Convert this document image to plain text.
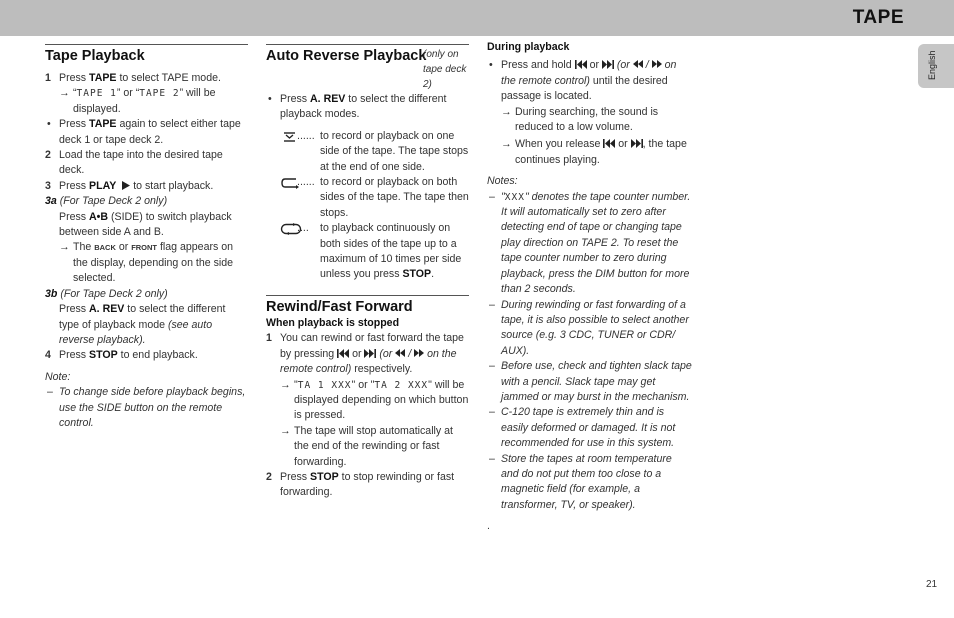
TAPE
English
21
Tape Playback
1 Press TAPE to select TAPE mode.
→ “TAPE 1” or “TAPE 2” will be displayed.
• Press TAPE again to select either tape deck 1 or tape deck 2.
2 Load the tape into the desired tape deck.
3 Press PLAY  to start playback.
3a (For Tape Deck 2 only)
Press A•B (SIDE) to switch playback between side A and B.
→ The BACK or FRONT flag appears on the display, depending on the side selected.
3b (For Tape Deck 2 only)
Press A. REV to select the different type of playback mode (see auto reverse playback).
4 Press STOP to end playback.
Note:
– To change side before playback begins, use the SIDE button on the remote control.
Auto Reverse Playback
(only on tape deck 2)
• Press A. REV to select the different playback modes.
...... to record or playback on one side of the tape. The tape stops at the end of one side.
...... to record or playback on both sides of the tape. The tape then stops.
.... to playback continuously on both sides of the tape up to a maximum of 10 times per side unless you press STOP.
Rewind/Fast Forward
When playback is stopped
1 You can rewind or fast forward the tape by pressing  or  (or  /  on the remote control) respectively.
→ "TA 1 XXX" or "TA 2 XXX" will be displayed depending on which button is pressed.
→ The tape will stop automatically at the end of the rewinding or fast forwarding.
2 Press STOP to stop rewinding or fast forwarding.
During playback
• Press and hold  or  (or  /  on the remote control) until the desired passage is located.
→ During searching, the sound is reduced to a low volume.
→ When you release  or , the tape continues playing.
Notes:
– "XXX" denotes the tape counter number. It will automatically set to zero after detecting end of tape or changing tape play direction on TAPE 2. To reset the tape counter number to zero during playback, press the DIM button for more than 2 seconds.
– During rewinding or fast forwarding of a tape, it is also possible to select another source (e.g. 3 CDC, TUNER or CDR/ AUX).
– Before use, check and tighten slack tape with a pencil. Slack tape may get jammed or may burst in the mechanism.
– C-120 tape is extremely thin and is easily deformed or damaged. It is not recommended for use in this system.
– Store the tapes at room temperature and do not put them too close to a magnetic field (for example, a transformer, TV, or speaker).
.
